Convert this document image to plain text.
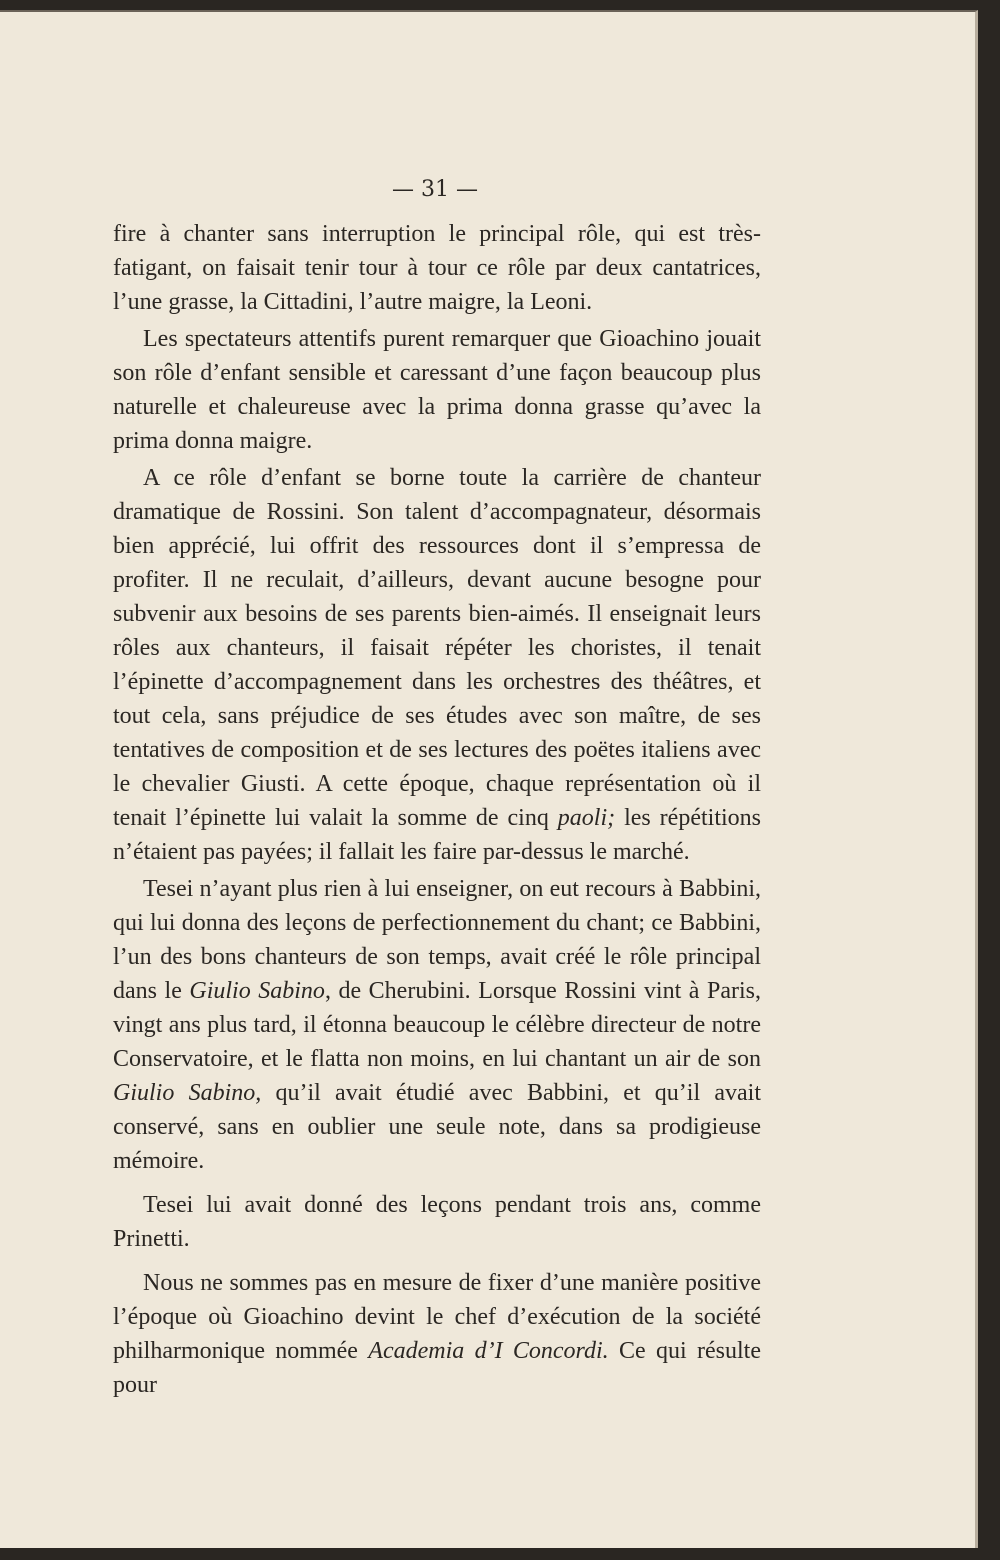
— 31 —

fire à chanter sans interruption le principal rôle, qui est très-fatigant, on faisait tenir tour à tour ce rôle par deux cantatrices, l’une grasse, la Cittadini, l’autre maigre, la Leoni.

Les spectateurs attentifs purent remarquer que Gioachino jouait son rôle d’enfant sensible et caressant d’une façon beaucoup plus naturelle et chaleureuse avec la prima donna grasse qu’avec la prima donna maigre.

A ce rôle d’enfant se borne toute la carrière de chanteur dramatique de Rossini. Son talent d’accompagnateur, désormais bien apprécié, lui offrit des ressources dont il s’empressa de profiter. Il ne reculait, d’ailleurs, devant aucune besogne pour subvenir aux besoins de ses parents bien-aimés. Il enseignait leurs rôles aux chanteurs, il faisait répéter les choristes, il tenait l’épinette d’accompagnement dans les orchestres des théâtres, et tout cela, sans préjudice de ses études avec son maître, de ses tentatives de composition et de ses lectures des poëtes italiens avec le chevalier Giusti. A cette époque, chaque représentation où il tenait l’épinette lui valait la somme de cinq paoli; les répétitions n’étaient pas payées; il fallait les faire par-dessus le marché.

Tesei n’ayant plus rien à lui enseigner, on eut recours à Babbini, qui lui donna des leçons de perfectionnement du chant; ce Babbini, l’un des bons chanteurs de son temps, avait créé le rôle principal dans le Giulio Sabino, de Cherubini. Lorsque Rossini vint à Paris, vingt ans plus tard, il étonna beaucoup le célèbre directeur de notre Conservatoire, et le flatta non moins, en lui chantant un air de son Giulio Sabino, qu’il avait étudié avec Babbini, et qu’il avait conservé, sans en oublier une seule note, dans sa prodigieuse mémoire.

Tesei lui avait donné des leçons pendant trois ans, comme Prinetti.

Nous ne sommes pas en mesure de fixer d’une manière positive l’époque où Gioachino devint le chef d’exécution de la société philharmonique nommée Academia d’I Concordi. Ce qui résulte pour
